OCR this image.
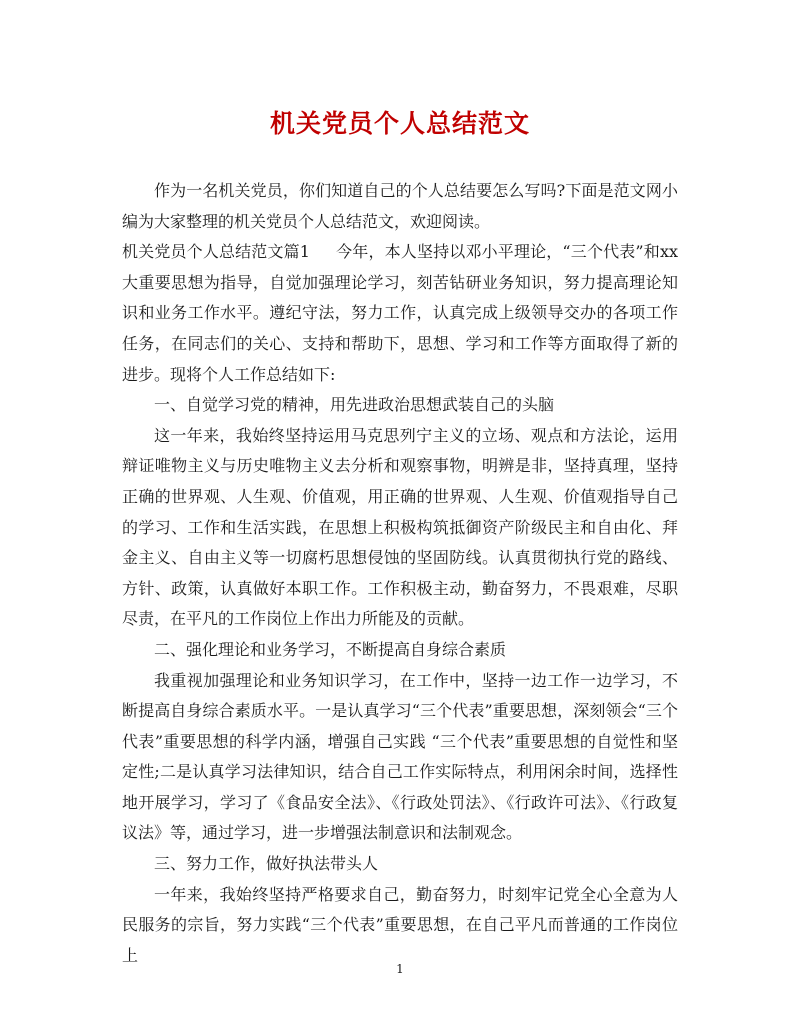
机关党员个人总结范文

作为一名机关党员，你们知道自己的个人总结要怎么写吗?下面是范文网小编为大家整理的机关党员个人总结范文，欢迎阅读。

机关党员个人总结范文篇1 今年，本人坚持以邓小平理论，“三个代表”和xx大重要思想为指导，自觉加强理论学习，刻苦钻研业务知识，努力提高理论知识和业务工作水平。遵纪守法，努力工作，认真完成上级领导交办的各项工作任务，在同志们的关心、支持和帮助下，思想、学习和工作等方面取得了新的进步。现将个人工作总结如下:

一、自觉学习党的精神，用先进政治思想武装自己的头脑

这一年来，我始终坚持运用马克思列宁主义的立场、观点和方法论，运用辩证唯物主义与历史唯物主义去分析和观察事物，明辨是非，坚持真理，坚持正确的世界观、人生观、价值观，用正确的世界观、人生观、价值观指导自己的学习、工作和生活实践，在思想上积极构筑抵御资产阶级民主和自由化、拜金主义、自由主义等一切腐朽思想侵蚀的坚固防线。认真贯彻执行党的路线、方针、政策，认真做好本职工作。工作积极主动，勤奋努力，不畏艰难，尽职尽责，在平凡的工作岗位上作出力所能及的贡献。

二、强化理论和业务学习，不断提高自身综合素质

我重视加强理论和业务知识学习，在工作中，坚持一边工作一边学习，不断提高自身综合素质水平。一是认真学习“三个代表”重要思想，深刻领会“三个代表”重要思想的科学内涵，增强自己实践 “三个代表”重要思想的自觉性和坚定性;二是认真学习法律知识，结合自己工作实际特点，利用闲余时间，选择性地开展学习，学习了《食品安全法》、《行政处罚法》、《行政许可法》、《行政复议法》等，通过学习，进一步增强法制意识和法制观念。

三、努力工作，做好执法带头人

一年来，我始终坚持严格要求自己，勤奋努力，时刻牢记党全心全意为人民服务的宗旨，努力实践“三个代表”重要思想，在自己平凡而普通的工作岗位上

1
